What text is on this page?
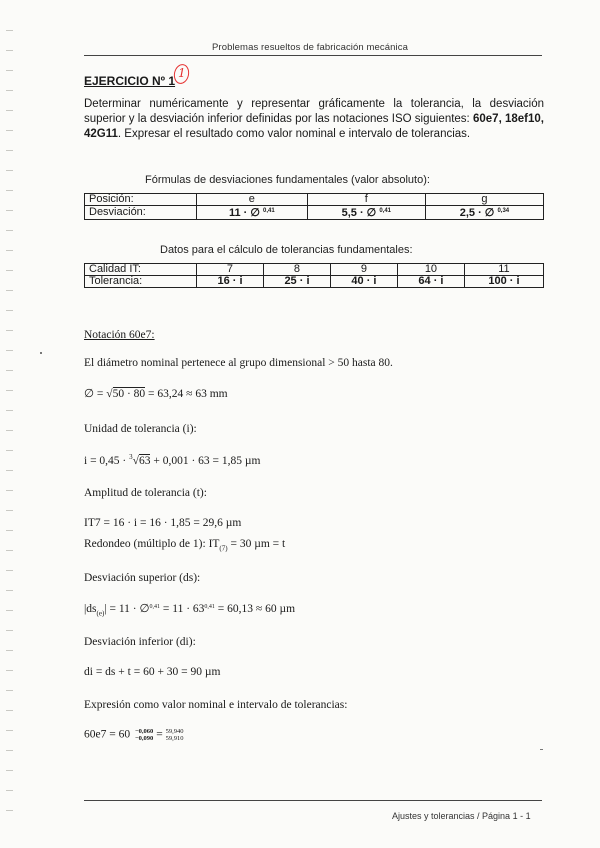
Problemas resueltos de fabricación mecánica
EJERCICIO Nº 1
1
Determinar numéricamente y representar gráficamente la tolerancia, la desviación superior y la desviación inferior definidas por las notaciones ISO siguientes: 60e7, 18ef10, 42G11. Expresar el resultado como valor nominal e intervalo de tolerancias.
Fórmulas de desviaciones fundamentales (valor absoluto):
Posición:	e	f	g
Desviación:	11 · ∅ $^{0,41}$	5,5 · ∅ $^{0,41}$	2,5 · ∅ $^{0,34}$
Datos para el cálculo de tolerancias fundamentales:
Calidad IT:	7	8	9	10	11
Tolerancia:	16 · i	25 · i	40 · i	64 · i	100 · i
Notación 60e7:
El diámetro nominal pertenece al grupo dimensional > 50 hasta 80.
∅ = √50 · 80 = 63,24 ≈ 63 mm
Unidad de tolerancia (i):
i = 0,45 · $^3$√63 + 0,001 · 63 = 1,85 µm
Amplitud de tolerancia (t):
IT7 = 16 · i = 16 · 1,85 = 29,6 µm
Redondeo (múltiplo de 1): $IT_{(7)} = 30$ µm = t
Desviación superior (ds):
$|ds_{(e)}| = 11$ · ∅$^{0,41}$ = $11 \cdot 63^{0,41} = 60,13 \approx 60$ µm
Desviación inferior (di):
di = ds + t = 60 + 30 = 90 µm
Expresión como valor nominal e intervalo de tolerancias:
60e7 = 60 −0,060
−0,090 = 59,940
59,910
Ajustes y tolerancias / Página 1 - 1
